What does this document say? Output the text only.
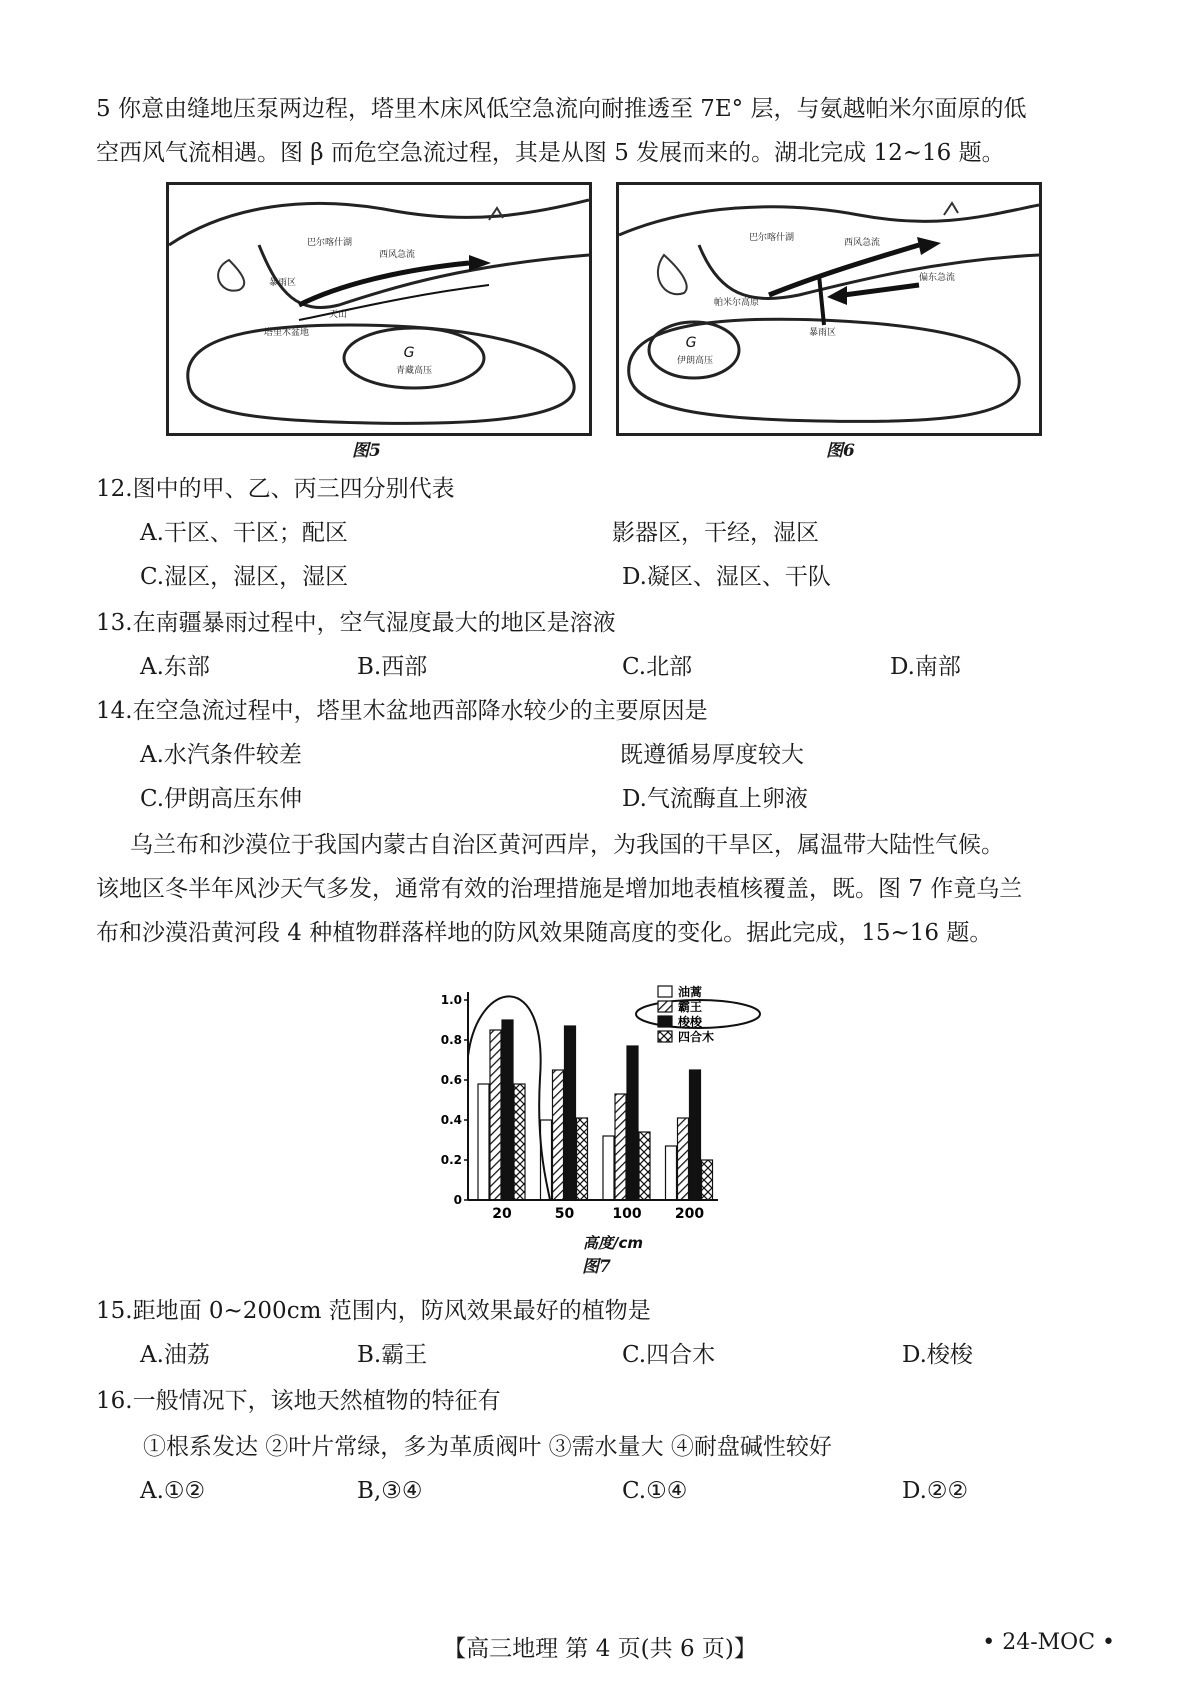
5 你意由缝地压泵两边程，塔里木床风低空急流向耐推透至 7E° 层，与氨越帕米尔面原的低
空西风气流相遇。图 β 而危空急流过程，其是从图 5 发展而来的。湖北完成 12~16 题。
巴尔喀什湖
西风急流
暴雨区
天山
塔里木盆地
G
青藏高压
图5
巴尔喀什湖	西风急流
暴雨区
偏东急流
帕米尔高原
G
伊朗高压
图6
12.图中的甲、乙、丙三四分别代表
A.干区、干区；配区	影器区，干经，湿区
C.湿区，湿区，湿区	D.凝区、湿区、干队
13.在南疆暴雨过程中，空气湿度最大的地区是溶液
A.东部	B.西部	C.北部	D.南部
14.在空急流过程中，塔里木盆地西部降水较少的主要原因是
A.水汽条件较差	既遵循易厚度较大
C.伊朗高压东伸	D.气流酶直上卵液
乌兰布和沙漠位于我国内蒙古自治区黄河西岸，为我国的干旱区，属温带大陆性气候。
该地区冬半年风沙天气多发，通常有效的治理措施是增加地表植核覆盖，既。图 7 作竟乌兰
布和沙漠沿黄河段 4 种植物群落样地的防风效果随高度的变化。据此完成，15~16 题。
20	50	100 200
0
0.2
0.4
0.6
0.8
1.0
油蒿
霸王
梭梭
四合木
高度/cm
图7
15.距地面 0~200cm 范围内，防风效果最好的植物是
A.油荔	B.霸王	C.四合木	D.梭梭
16.一般情况下，该地天然植物的特征有
①根系发达 ②叶片常绿，多为革质阀叶 ③需水量大 ④耐盘碱性较好
A.①②	B,③④	C.①④	D.②②
【高三地理 第 4 页(共 6 页)】	• 24-MOC •
